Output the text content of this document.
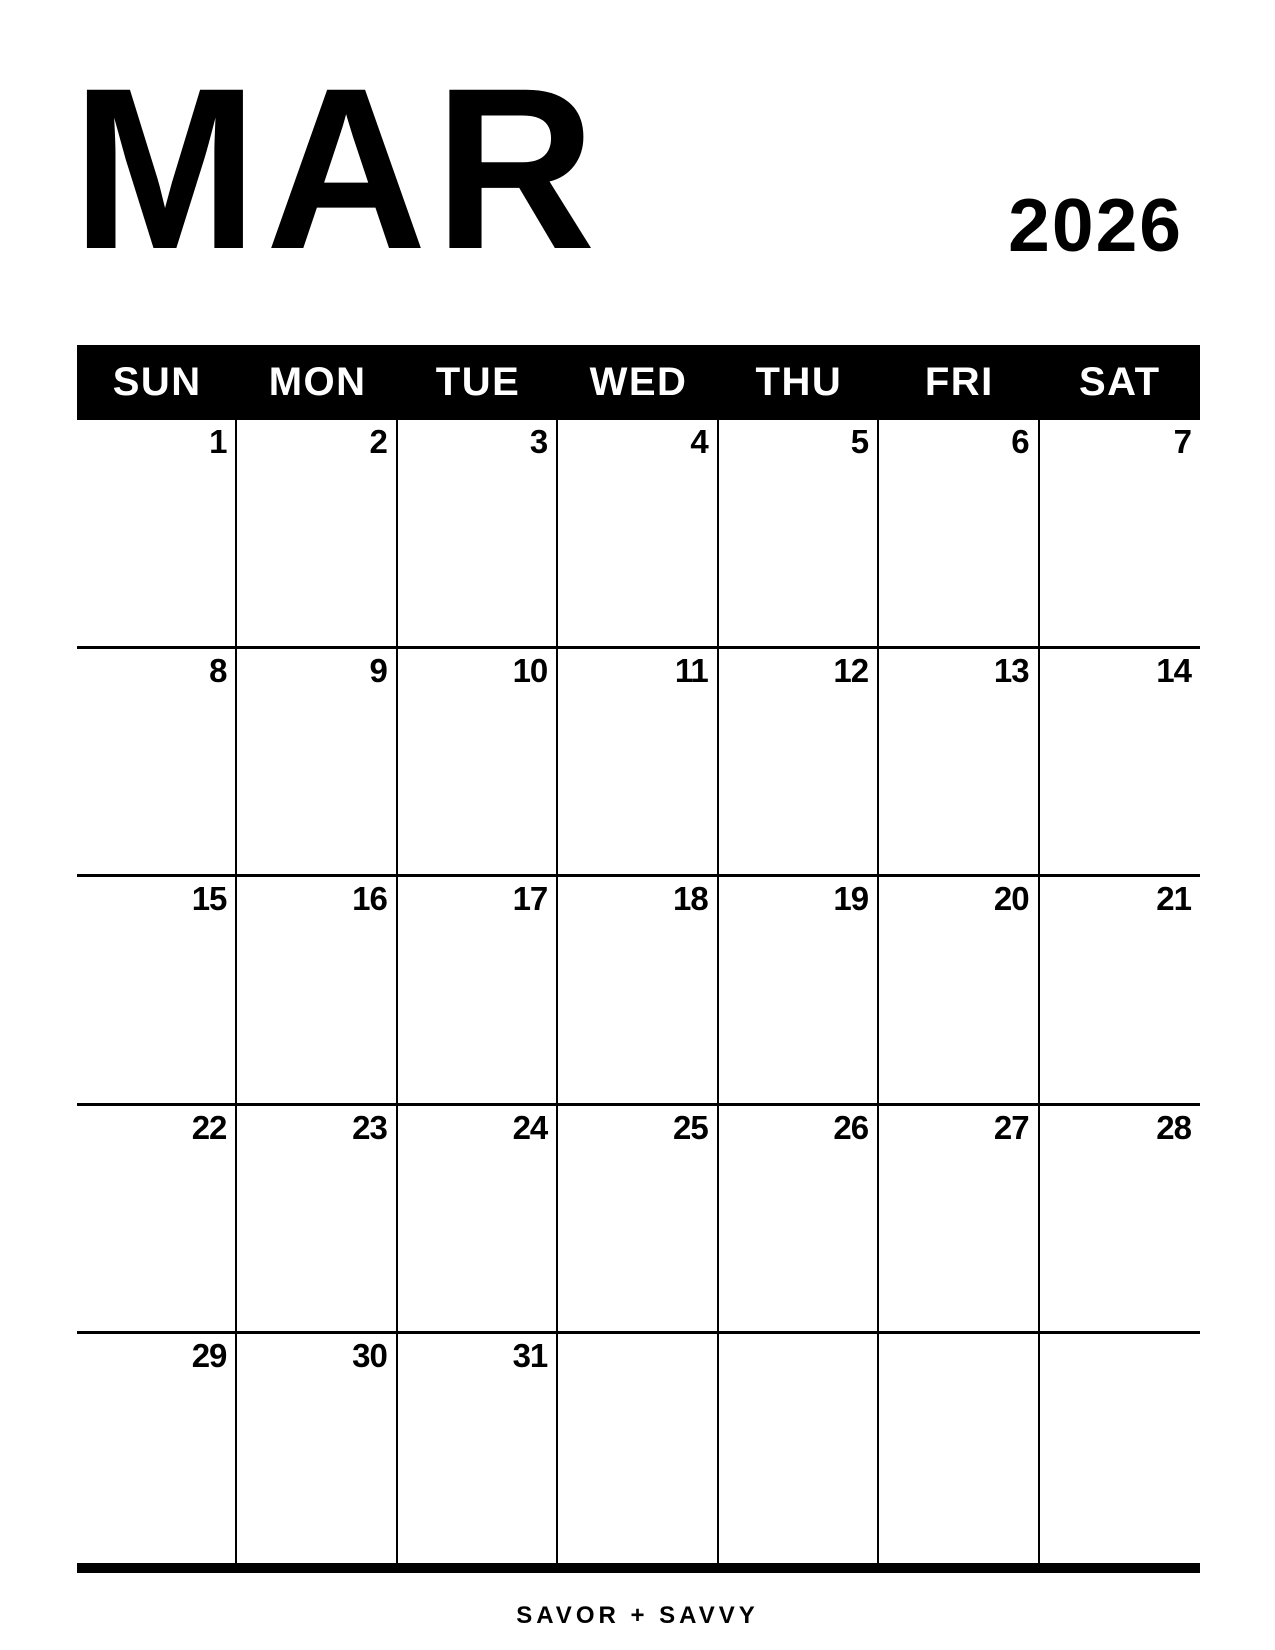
MAR	2026
SUN	MON	TUE	WED	THU	FRI	SAT
1	2	3	4	5	6	7
8	9	10	11	12	13	14
15	16	17	18	19	20	21
22	23	24	25	26	27	28
29	30	31
SAVOR + SAVVY
